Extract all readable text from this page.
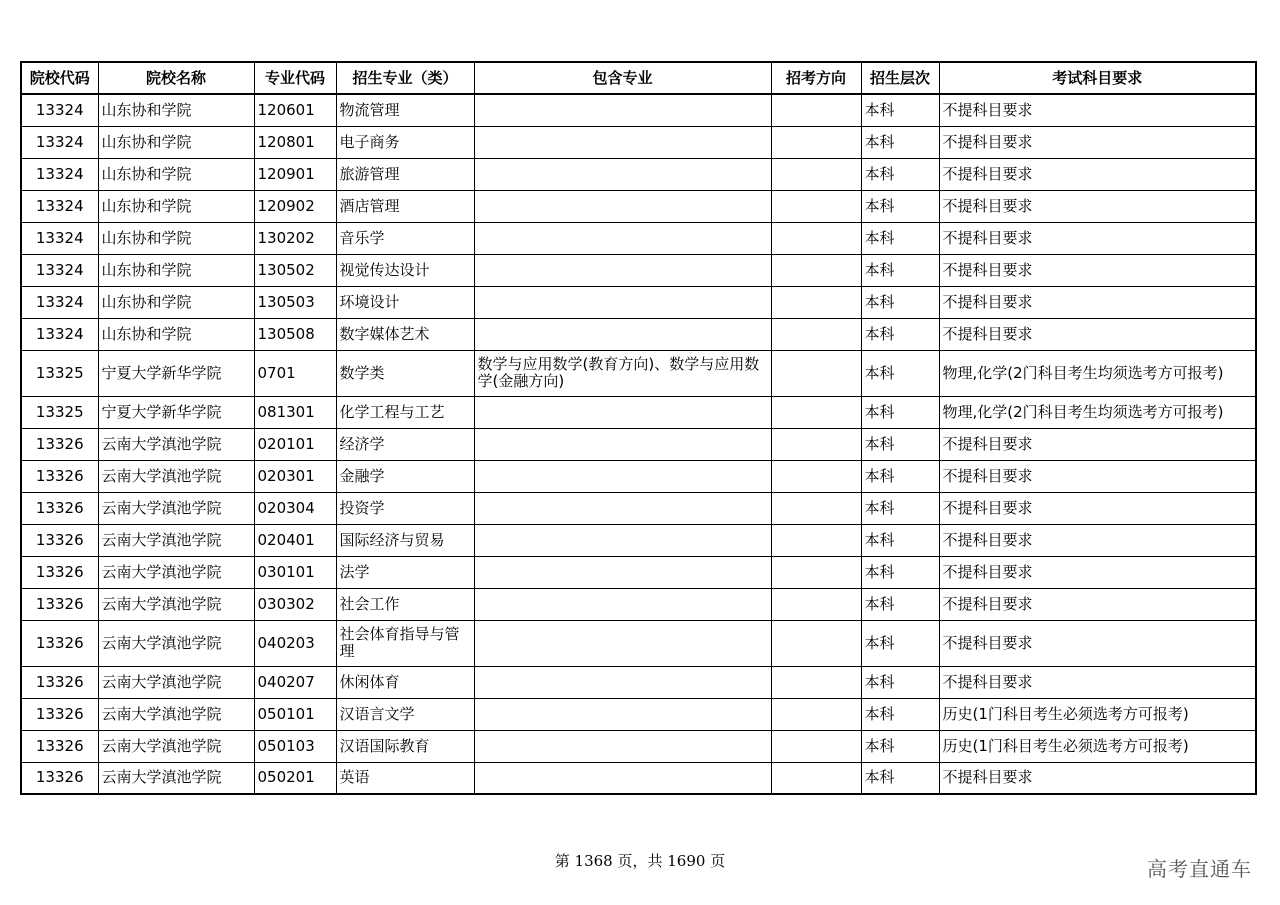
院校代码	院校名称	专业代码	招生专业（类）	包含专业	招考方向	招生层次	考试科目要求
13324	山东协和学院	120601	物流管理			本科	不提科目要求
13324	山东协和学院	120801	电子商务			本科	不提科目要求
13324	山东协和学院	120901	旅游管理			本科	不提科目要求
13324	山东协和学院	120902	酒店管理			本科	不提科目要求
13324	山东协和学院	130202	音乐学			本科	不提科目要求
13324	山东协和学院	130502	视觉传达设计			本科	不提科目要求
13324	山东协和学院	130503	环境设计			本科	不提科目要求
13324	山东协和学院	130508	数字媒体艺术			本科	不提科目要求
13325	宁夏大学新华学院	0701	数学类	数学与应用数学(教育方向)、数学与应用数学(金融方向)		本科	物理,化学(2门科目考生均须选考方可报考)
13325	宁夏大学新华学院	081301	化学工程与工艺			本科	物理,化学(2门科目考生均须选考方可报考)
13326	云南大学滇池学院	020101	经济学			本科	不提科目要求
13326	云南大学滇池学院	020301	金融学			本科	不提科目要求
13326	云南大学滇池学院	020304	投资学			本科	不提科目要求
13326	云南大学滇池学院	020401	国际经济与贸易			本科	不提科目要求
13326	云南大学滇池学院	030101	法学			本科	不提科目要求
13326	云南大学滇池学院	030302	社会工作			本科	不提科目要求
13326	云南大学滇池学院	040203	社会体育指导与管理			本科	不提科目要求
13326	云南大学滇池学院	040207	休闲体育			本科	不提科目要求
13326	云南大学滇池学院	050101	汉语言文学			本科	历史(1门科目考生必须选考方可报考)
13326	云南大学滇池学院	050103	汉语国际教育			本科	历史(1门科目考生必须选考方可报考)
13326	云南大学滇池学院	050201	英语			本科	不提科目要求
第 1368 页，共 1690 页	高考直通车
